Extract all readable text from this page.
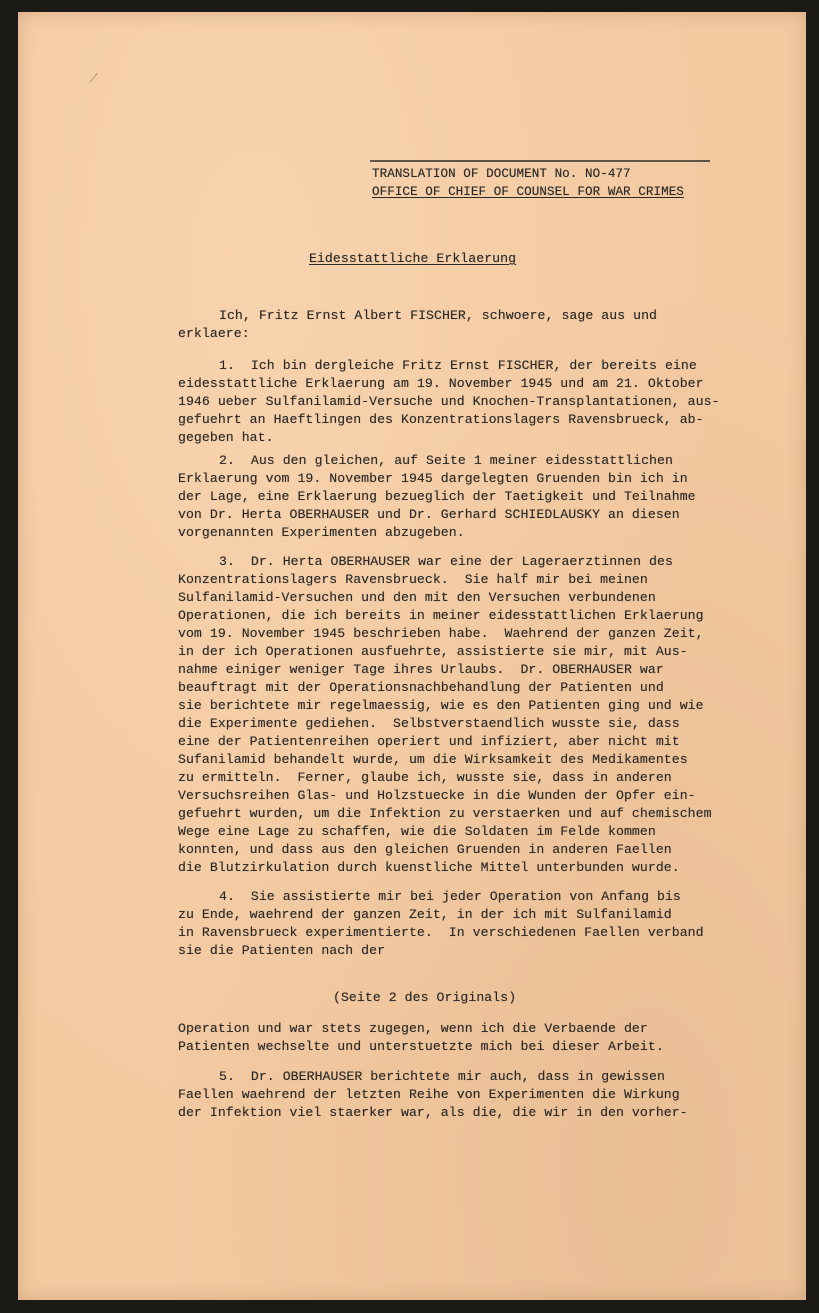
TRANSLATION OF DOCUMENT No. NO-477
OFFICE OF CHIEF OF COUNSEL FOR WAR CRIMES
Eidesstattliche Erklaerung
Ich, Fritz Ernst Albert FISCHER, schwoere, sage aus und
erklaere:
1.  Ich bin dergleiche Fritz Ernst FISCHER, der bereits eine
eidesstattliche Erklaerung am 19. November 1945 und am 21. Oktober
1946 ueber Sulfanilamid-Versuche und Knochen-Transplantationen, aus-
gefuehrt an Haeftlingen des Konzentrationslagers Ravensbrueck, ab-
gegeben hat.
2.  Aus den gleichen, auf Seite 1 meiner eidesstattlichen
Erklaerung vom 19. November 1945 dargelegten Gruenden bin ich in
der Lage, eine Erklaerung bezueglich der Taetigkeit und Teilnahme
von Dr. Herta OBERHAUSER und Dr. Gerhard SCHIEDLAUSKY an diesen
vorgenannten Experimenten abzugeben.
3.  Dr. Herta OBERHAUSER war eine der Lageraerztinnen des
Konzentrationslagers Ravensbrueck.  Sie half mir bei meinen
Sulfanilamid-Versuchen und den mit den Versuchen verbundenen
Operationen, die ich bereits in meiner eidesstattlichen Erklaerung
vom 19. November 1945 beschrieben habe.  Waehrend der ganzen Zeit,
in der ich Operationen ausfuehrte, assistierte sie mir, mit Aus-
nahme einiger weniger Tage ihres Urlaubs.  Dr. OBERHAUSER war
beauftragt mit der Operationsnachbehandlung der Patienten und
sie berichtete mir regelmaessig, wie es den Patienten ging und wie
die Experimente gediehen.  Selbstverstaendlich wusste sie, dass
eine der Patientenreihen operiert und infiziert, aber nicht mit
Sufanilamid behandelt wurde, um die Wirksamkeit des Medikamentes
zu ermitteln.  Ferner, glaube ich, wusste sie, dass in anderen
Versuchsreihen Glas- und Holzstuecke in die Wunden der Opfer ein-
gefuehrt wurden, um die Infektion zu verstaerken und auf chemischem
Wege eine Lage zu schaffen, wie die Soldaten im Felde kommen
konnten, und dass aus den gleichen Gruenden in anderen Faellen
die Blutzirkulation durch kuenstliche Mittel unterbunden wurde.
4.  Sie assistierte mir bei jeder Operation von Anfang bis
zu Ende, waehrend der ganzen Zeit, in der ich mit Sulfanilamid
in Ravensbrueck experimentierte.  In verschiedenen Faellen verband
sie die Patienten nach der
(Seite 2 des Originals)
Operation und war stets zugegen, wenn ich die Verbaende der
Patienten wechselte und unterstuetzte mich bei dieser Arbeit.
5.  Dr. OBERHAUSER berichtete mir auch, dass in gewissen
Faellen waehrend der letzten Reihe von Experimenten die Wirkung
der Infektion viel staerker war, als die, die wir in den vorher-
